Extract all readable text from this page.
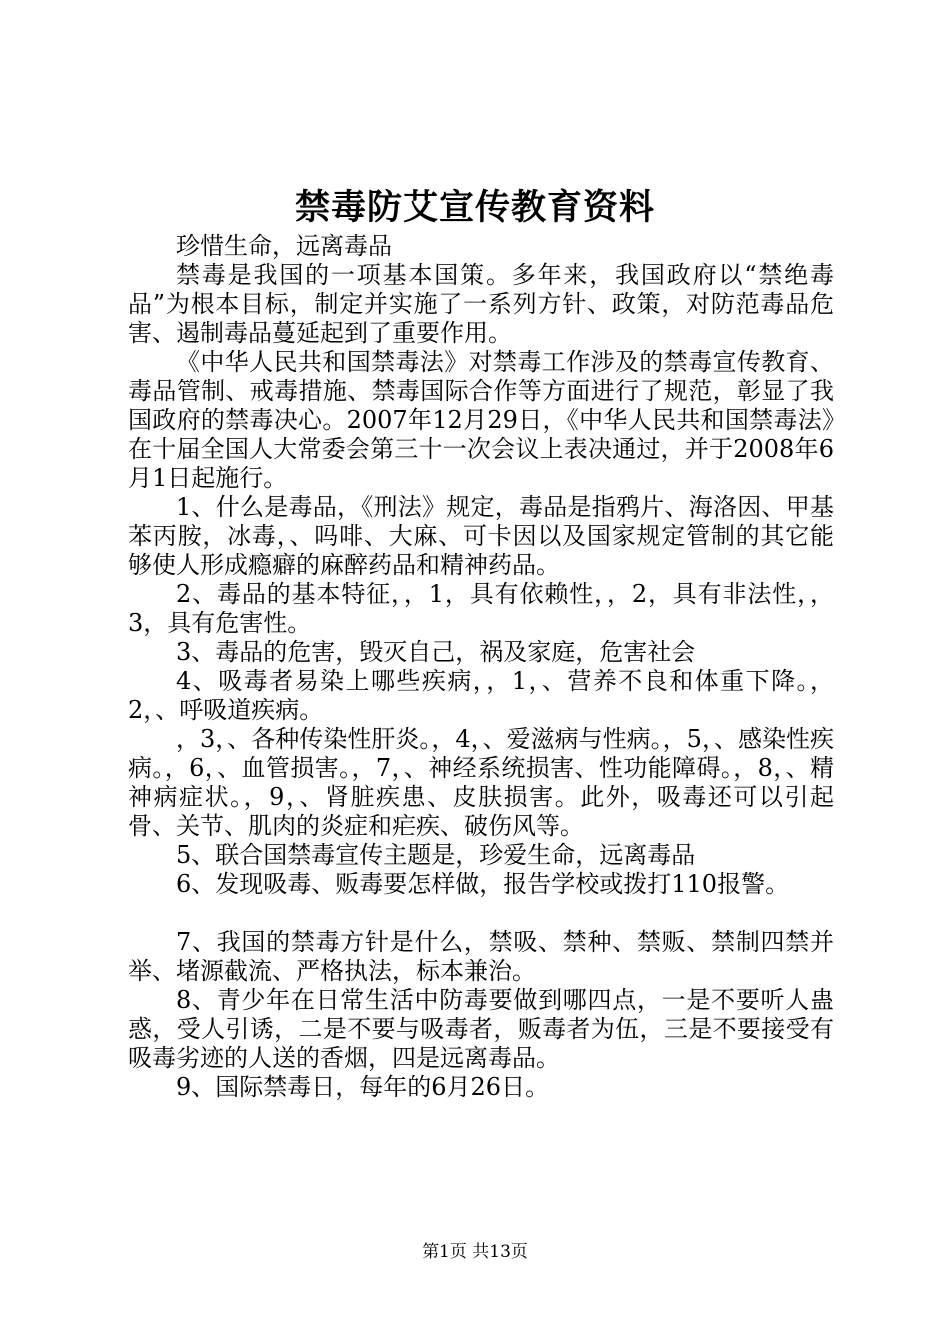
禁毒防艾宣传教育资料

珍惜生命，远离毒品

禁毒是我国的一项基本国策。多年来，我国政府以“禁绝毒品”为根本目标，制定并实施了一系列方针、政策，对防范毒品危害、遏制毒品蔓延起到了重要作用。

《中华人民共和国禁毒法》对禁毒工作涉及的禁毒宣传教育、毒品管制、戒毒措施、禁毒国际合作等方面进行了规范，彰显了我国政府的禁毒决心。2007年12月29日，《中华人民共和国禁毒法》在十届全国人大常委会第三十一次会议上表决通过，并于2008年6月1日起施行。

1、什么是毒品，《刑法》规定，毒品是指鸦片、海洛因、甲基苯丙胺，冰毒，、吗啡、大麻、可卡因以及国家规定管制的其它能够使人形成瘾癖的麻醉药品和精神药品。

2、毒品的基本特征，，1，具有依赖性，，2，具有非法性，，3，具有危害性。

3、毒品的危害，毁灭自己，祸及家庭，危害社会

4、吸毒者易染上哪些疾病，，1，、营养不良和体重下降。，2，、呼吸道疾病。

，3，、各种传染性肝炎。，4，、爱滋病与性病。，5，、感染性疾病。，6，、血管损害。，7，、神经系统损害、性功能障碍。，8，、精神病症状。，9，、肾脏疾患、皮肤损害。此外，吸毒还可以引起骨、关节、肌肉的炎症和疟疾、破伤风等。

5、联合国禁毒宣传主题是，珍爱生命，远离毒品

6、发现吸毒、贩毒要怎样做，报告学校或拨打110报警。

7、我国的禁毒方针是什么，禁吸、禁种、禁贩、禁制四禁并举、堵源截流、严格执法，标本兼治。

8、青少年在日常生活中防毒要做到哪四点，一是不要听人蛊惑，受人引诱，二是不要与吸毒者，贩毒者为伍，三是不要接受有吸毒劣迹的人送的香烟，四是远离毒品。

9、国际禁毒日，每年的6月26日。

第1页 共13页
